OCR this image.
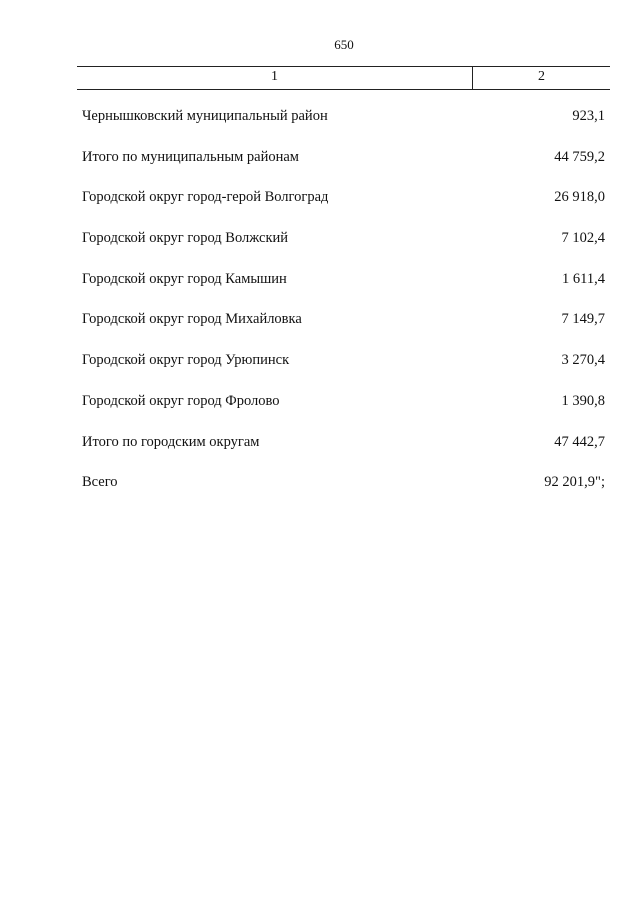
650
1	2
Чернышковский муниципальный район	923,1
Итого по муниципальным районам	44 759,2
Городской округ город-герой Волгоград	26 918,0
Городской округ город Волжский	7 102,4
Городской округ город Камышин	1 611,4
Городской округ город Михайловка	7 149,7
Городской округ город Урюпинск	3 270,4
Городской округ город Фролово	1 390,8
Итого по городским округам	47 442,7
Всего	92 201,9";
